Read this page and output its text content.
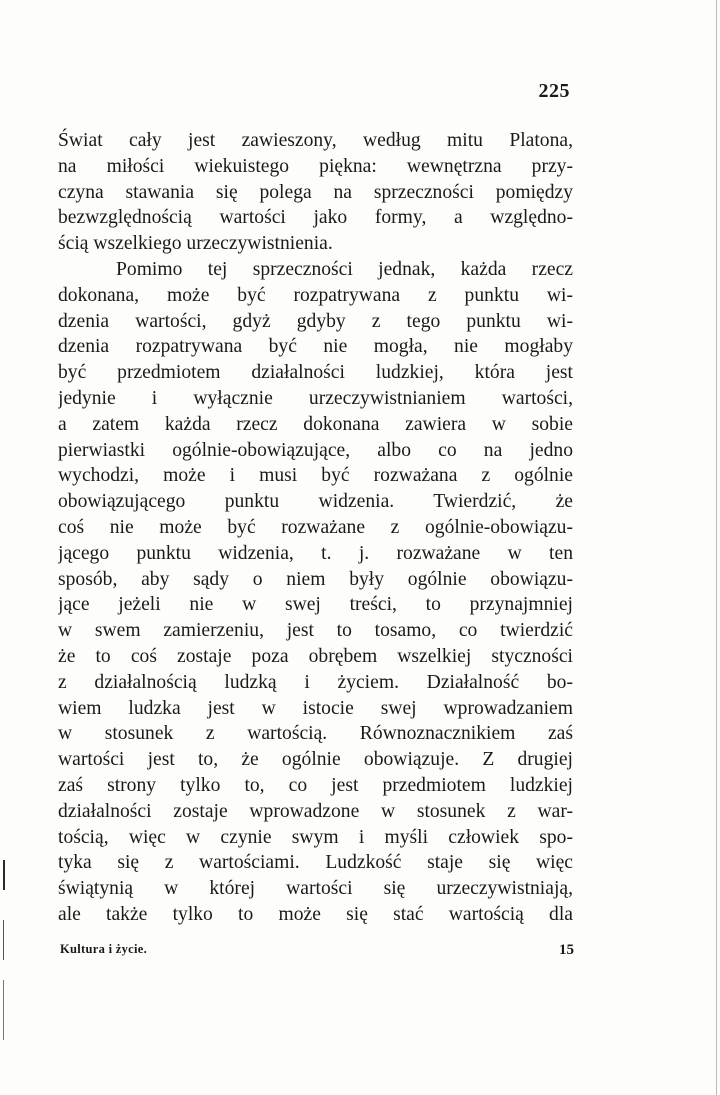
225
Świat cały jest zawieszony, według mitu Platona,
na miłości wiekuistego piękna: wewnętrzna przy-
czyna stawania się polega na sprzeczności pomiędzy
bezwzględnością wartości jako formy, a względno-
ścią wszelkiego urzeczywistnienia.
Pomimo tej sprzeczności jednak, każda rzecz
dokonana, może być rozpatrywana z punktu wi-
dzenia wartości, gdyż gdyby z tego punktu wi-
dzenia rozpatrywana być nie mogła, nie mogłaby
być przedmiotem działalności ludzkiej, która jest
jedynie i wyłącznie urzeczywistnianiem wartości,
a zatem każda rzecz dokonana zawiera w sobie
pierwiastki ogólnie-obowiązujące, albo co na jedno
wychodzi, może i musi być rozważana z ogólnie
obowiązującego punktu widzenia. Twierdzić, że
coś nie może być rozważane z ogólnie-obowiązu-
jącego punktu widzenia, t. j. rozważane w ten
sposób, aby sądy o niem były ogólnie obowiązu-
jące jeżeli nie w swej treści, to przynajmniej
w swem zamierzeniu, jest to tosamo, co twierdzić
że to coś zostaje poza obrębem wszelkiej styczności
z działalnością ludzką i życiem. Działalność bo-
wiem ludzka jest w istocie swej wprowadzaniem
w stosunek z wartością. Równoznacznikiem zaś
wartości jest to, że ogólnie obowiązuje. Z drugiej
zaś strony tylko to, co jest przedmiotem ludzkiej
działalności zostaje wprowadzone w stosunek z war-
tością, więc w czynie swym i myśli człowiek spo-
tyka się z wartościami. Ludzkość staje się więc
świątynią w której wartości się urzeczywistniają,
ale także tylko to może się stać wartością dla
Kultura i życie.	15
